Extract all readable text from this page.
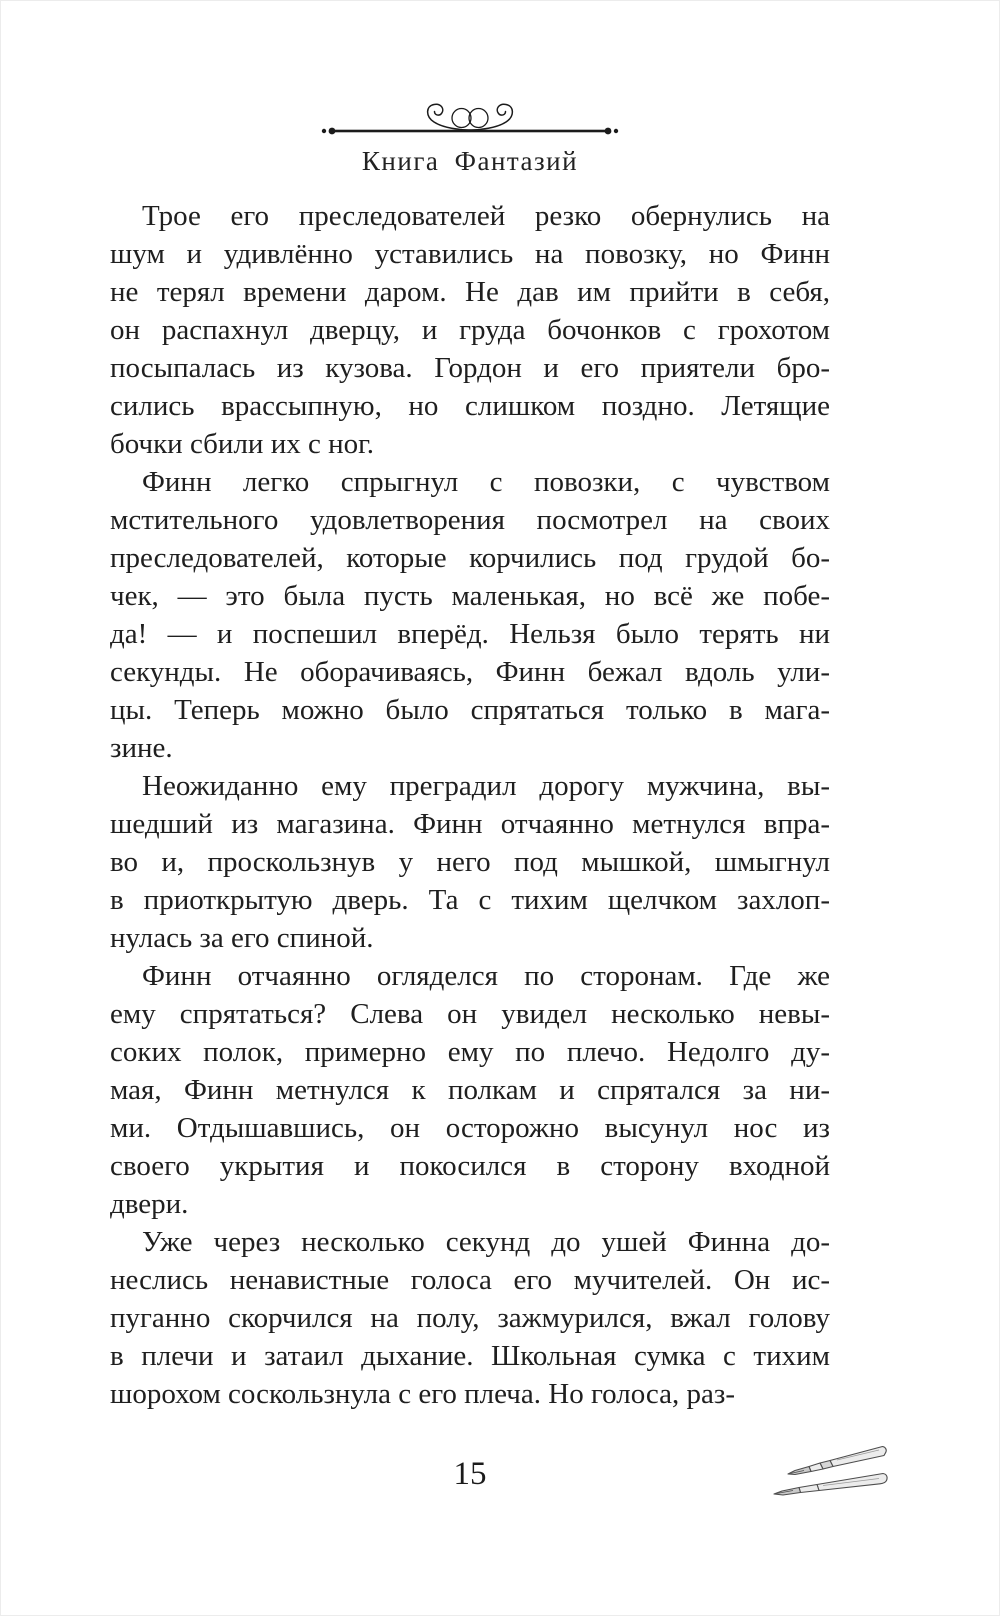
Книга Фантазий
Трое его преследователей резко обернулись на
шум и удивлённо уставились на повозку, но Финн
не терял времени даром. Не дав им прийти в себя,
он распахнул дверцу, и груда бочонков с грохотом
посыпалась из кузова. Гордон и его приятели бро-
сились врассыпную, но слишком поздно. Летящие
бочки сбили их с ног.
Финн легко спрыгнул с повозки, с чувством
мстительного удовлетворения посмотрел на своих
преследователей, которые корчились под грудой бо-
чек, — это была пусть маленькая, но всё же побе-
да! — и поспешил вперёд. Нельзя было терять ни
секунды. Не оборачиваясь, Финн бежал вдоль ули-
цы. Теперь можно было спрятаться только в мага-
зине.
Неожиданно ему преградил дорогу мужчина, вы-
шедший из магазина. Финн отчаянно метнулся впра-
во и, проскользнув у него под мышкой, шмыгнул
в приоткрытую дверь. Та с тихим щелчком захлоп-
нулась за его спиной.
Финн отчаянно огляделся по сторонам. Где же
ему спрятаться? Слева он увидел несколько невы-
соких полок, примерно ему по плечо. Недолго ду-
мая, Финн метнулся к полкам и спрятался за ни-
ми. Отдышавшись, он осторожно высунул нос из
своего укрытия и покосился в сторону входной
двери.
Уже через несколько секунд до ушей Финна до-
неслись ненавистные голоса его мучителей. Он ис-
пуганно скорчился на полу, зажмурился, вжал голову
в плечи и затаил дыхание. Школьная сумка с тихим
шорохом соскользнула с его плеча. Но голоса, раз-
15
